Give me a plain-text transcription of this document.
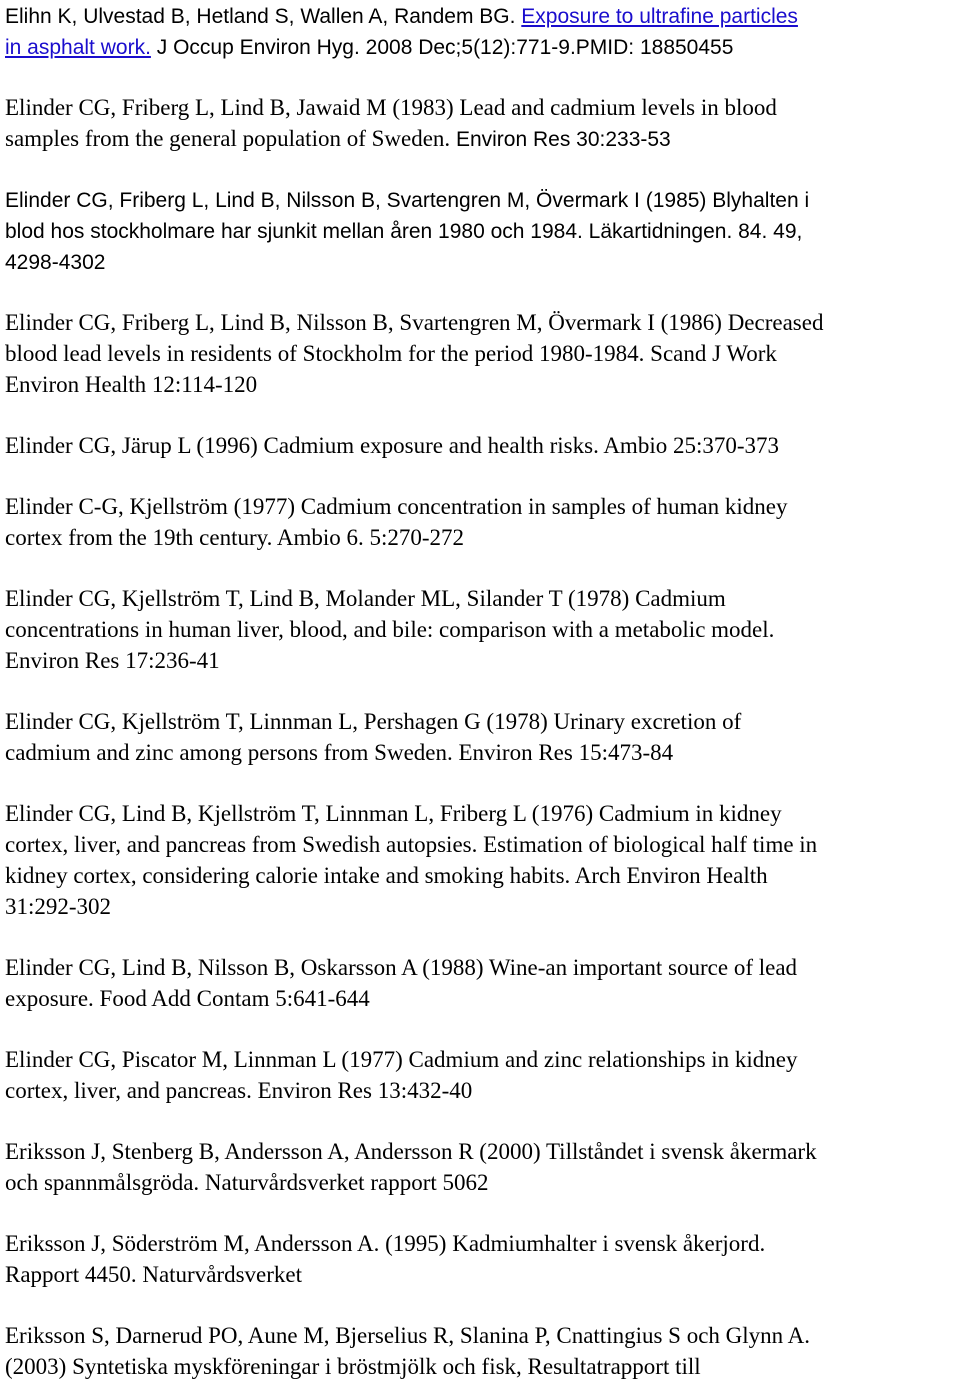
Elihn K, Ulvestad B, Hetland S, Wallen A, Randem BG. Exposure to ultrafine particles
in asphalt work. J Occup Environ Hyg. 2008 Dec;5(12):771-9.PMID: 18850455

Elinder CG, Friberg L, Lind B, Jawaid M (1983) Lead and cadmium levels in blood
samples from the general population of Sweden. Environ Res 30:233-53

Elinder CG, Friberg L, Lind B, Nilsson B, Svartengren M, Övermark I (1985) Blyhalten i
blod hos stockholmare har sjunkit mellan åren 1980 och 1984. Läkartidningen. 84. 49,
4298-4302

Elinder CG, Friberg L, Lind B, Nilsson B, Svartengren M, Övermark I (1986) Decreased
blood lead levels in residents of Stockholm for the period 1980-1984. Scand J Work
Environ Health 12:114-120

Elinder CG, Järup L (1996) Cadmium exposure and health risks. Ambio 25:370-373

Elinder C-G, Kjellström (1977) Cadmium concentration in samples of human kidney
cortex from the 19th century. Ambio 6. 5:270-272

Elinder CG, Kjellström T, Lind B, Molander ML, Silander T (1978) Cadmium
concentrations in human liver, blood, and bile: comparison with a metabolic model.
Environ Res 17:236-41

Elinder CG, Kjellström T, Linnman L, Pershagen G (1978) Urinary excretion of
cadmium and zinc among persons from Sweden. Environ Res 15:473-84

Elinder CG, Lind B, Kjellström T, Linnman L, Friberg L (1976) Cadmium in kidney
cortex, liver, and pancreas from Swedish autopsies. Estimation of biological half time in
kidney cortex, considering calorie intake and smoking habits. Arch Environ Health
31:292-302

Elinder CG, Lind B, Nilsson B, Oskarsson A (1988) Wine-an important source of lead
exposure. Food Add Contam 5:641-644

Elinder CG, Piscator M, Linnman L (1977) Cadmium and zinc relationships in kidney
cortex, liver, and pancreas. Environ Res 13:432-40

Eriksson J, Stenberg B, Andersson A, Andersson R (2000) Tillståndet i svensk åkermark
och spannmålsgröda. Naturvårdsverket rapport 5062

Eriksson J, Söderström M, Andersson A. (1995) Kadmiumhalter i svensk åkerjord.
Rapport 4450. Naturvårdsverket

Eriksson S, Darnerud PO, Aune M, Bjerselius R, Slanina P, Cnattingius S och Glynn A.
(2003) Syntetiska myskföreningar i bröstmjölk och fisk, Resultatrapport till
